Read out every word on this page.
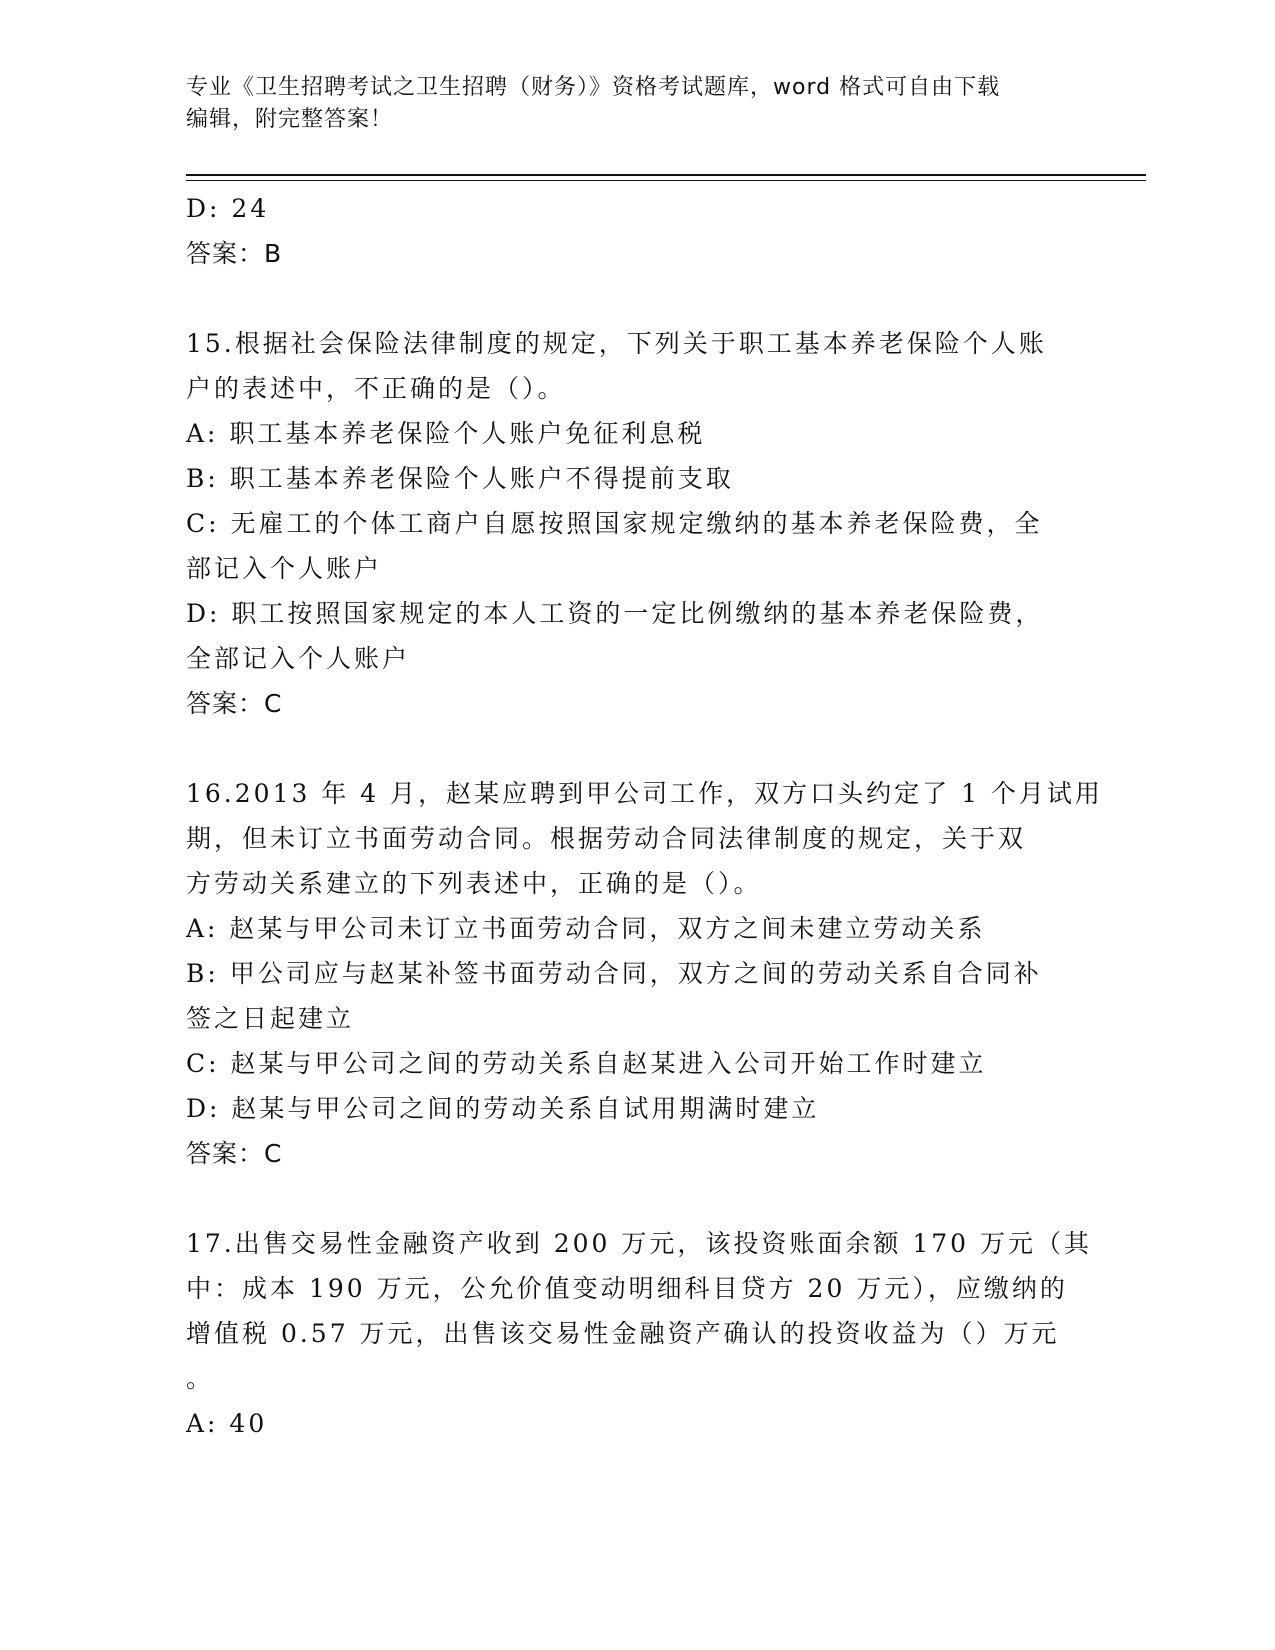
专业《卫生招聘考试之卫生招聘（财务）》资格考试题库，word 格式可自由下载
编辑，附完整答案！
D: 24
答案：B
15.根据社会保险法律制度的规定，下列关于职工基本养老保险个人账
户的表述中，不正确的是（）。
A: 职工基本养老保险个人账户免征利息税
B: 职工基本养老保险个人账户不得提前支取
C: 无雇工的个体工商户自愿按照国家规定缴纳的基本养老保险费，全
部记入个人账户
D: 职工按照国家规定的本人工资的一定比例缴纳的基本养老保险费，
全部记入个人账户
答案：C
16.2013 年 4 月，赵某应聘到甲公司工作，双方口头约定了 1 个月试用
期，但未订立书面劳动合同。根据劳动合同法律制度的规定，关于双
方劳动关系建立的下列表述中，正确的是（）。
A: 赵某与甲公司未订立书面劳动合同，双方之间未建立劳动关系
B: 甲公司应与赵某补签书面劳动合同，双方之间的劳动关系自合同补
签之日起建立
C: 赵某与甲公司之间的劳动关系自赵某进入公司开始工作时建立
D: 赵某与甲公司之间的劳动关系自试用期满时建立
答案：C
17.出售交易性金融资产收到 200 万元，该投资账面余额 170 万元（其
中：成本 190 万元，公允价值变动明细科目贷方 20 万元），应缴纳的
增值税 0.57 万元，出售该交易性金融资产确认的投资收益为（）万元
。
A: 40
